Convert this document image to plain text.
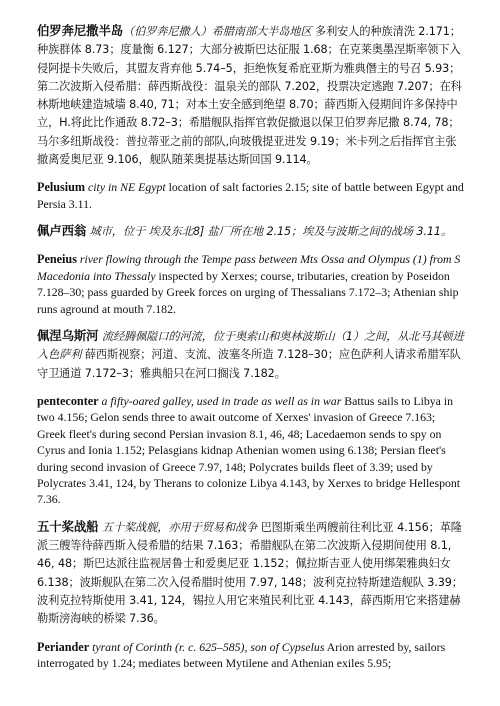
伯罗奔尼撒半岛（伯罗奔尼撒人）希腊南部大半岛地区 多利安人的种族清洗 2.171；种族群体 8.73；度量衡 6.127；大部分被斯巴达征服 1.68；在克莱奥墨涅斯率领下入侵阿提卡失败后，其盟友背弃他 5.74–5，拒绝恢复希庇亚斯为雅典僭主的号召 5.93；第二次波斯入侵希腊：薛西斯战役：温泉关的部队 7.202，投票决定逃跑 7.207；在科林斯地峡建造城墙 8.40, 71；对本土安全感到绝望 8.70；薛西斯入侵期间许多保持中立，H.将此比作通敌 8.72–3；希腊舰队指挥官敦促撤退以保卫伯罗奔尼撒 8.74, 78；马尔多纽斯战役：普拉蒂亚之前的部队,向玻俄提亚进发 9.19；米卡列之后指挥官主张撤离爱奥尼亚 9.106，舰队随莱奥提基达斯回国 9.114。
Pelusium city in NE Egypt location of salt factories 2.15; site of battle between Egypt and Persia 3.11.
佩卢西翁 城市，位于 埃及东北8] 盐厂所在地 2.15；埃及与波斯之间的战场 3.11。
Peneius river flowing through the Tempe pass between Mts Ossa and Olympus (1) from S Macedonia into Thessaly inspected by Xerxes; course, tributaries, creation by Poseidon 7.128–30; pass guarded by Greek forces on urging of Thessalians 7.172–3; Athenian ship runs aground at mouth 7.182.
佩涅乌斯河 流经腾佩隘口的河流，位于奥索山和奥林波斯山（1）之间，从北马其顿进入色萨利 薛西斯视察；河道、支流、波塞冬所造 7.128–30；应色萨利人请求希腊军队守卫通道 7.172–3；雅典船只在河口搁浅 7.182。
penteconter a fifty-oared galley, used in trade as well as in war Battus sails to Libya in two 4.156; Gelon sends three to await outcome of Xerxes' invasion of Greece 7.163; Greek fleet's during second Persian invasion 8.1, 46, 48; Lacedaemon sends to spy on Cyrus and Ionia 1.152; Pelasgians kidnap Athenian women using 6.138; Persian fleet's during second invasion of Greece 7.97, 148; Polycrates builds fleet of 3.39; used by Polycrates 3.41, 124, by Therans to colonize Libya 4.143, by Xerxes to bridge Hellespont 7.36.
五十桨战船 五十桨战舰，亦用于贸易和战争 巴图斯乘坐两艘前往利比亚 4.156；革隆派三艘等待薛西斯入侵希腊的结果 7.163；希腊舰队在第二次波斯入侵期间使用 8.1, 46, 48；斯巴达派往监视居鲁士和爱奥尼亚 1.152；佩拉斯吉亚人使用绑架雅典妇女 6.138；波斯舰队在第二次入侵希腊时使用 7.97, 148；波利克拉特斯建造舰队 3.39；波利克拉特斯使用 3.41, 124，锡拉人用它来殖民利比亚 4.143，薛西斯用它来搭建赫勒斯滂海峡的桥梁 7.36。
Periander tyrant of Corinth (r. c. 625–585), son of Cypselus Arion arrested by, sailors interrogated by 1.24; mediates between Mytilene and Athenian exiles 5.95;
